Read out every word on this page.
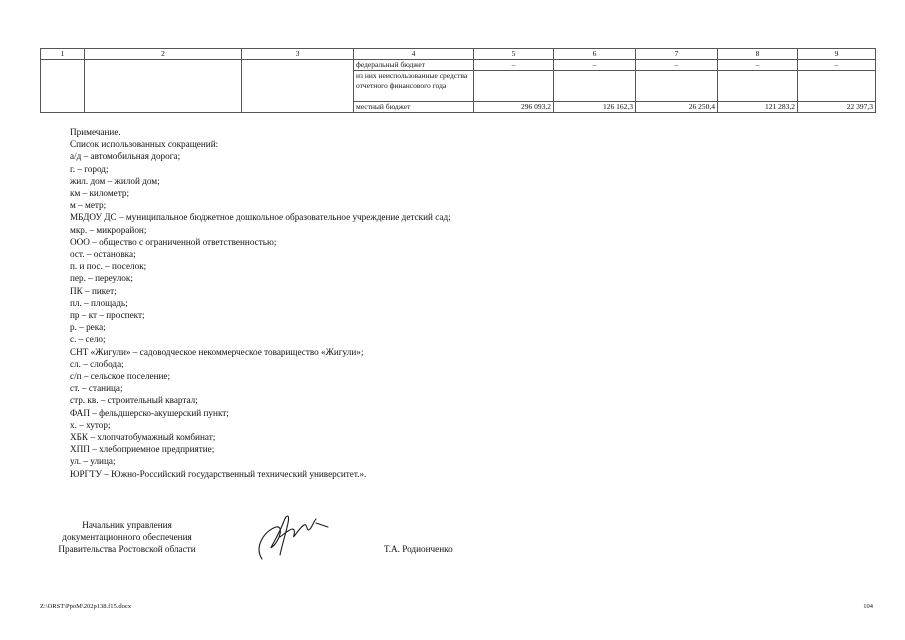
1	2	3	4	5	6	7	8	9
			федеральный бюджет	–	–	–	–	–
			из них неиспользованные средства отчетного финансового года					
			местный бюджет	296 093,2	126 162,3	26 250,4	121 283,2	22 397,3
Примечание.
Список использованных сокращений:
а/д – автомобильная дорога;
г. – город;
жил. дом – жилой дом;
км – километр;
м – метр;
МБДОУ ДС – муниципальное бюджетное дошкольное образовательное учреждение детский сад;
мкр. – микрорайон;
ООО – общество с ограниченной ответственностью;
ост. – остановка;
п. и пос. – поселок;
пер. – переулок;
ПК – пикет;
пл. – площадь;
пр – кт – проспект;
р. – река;
с. – село;
СНТ «Жигули» – садоводческое некоммерческое товарищество «Жигули»;
сл. – слобода;
с/п – сельское поселение;
ст. – станица;
стр. кв. – строительный квартал;
ФАП – фельдшерско-акушерский пункт;
х. – хутор;
ХБК – хлопчатобумажный комбинат;
ХПП – хлебоприемное предприятие;
ул. – улица;
ЮРГТУ – Южно-Российский государственный технический университет.».
Начальник управления
документационного обеспечения
Правительства Ростовской области	Т.А. Родионченко
Z:\ORST\PpoM\202p138.f15.docx	104
